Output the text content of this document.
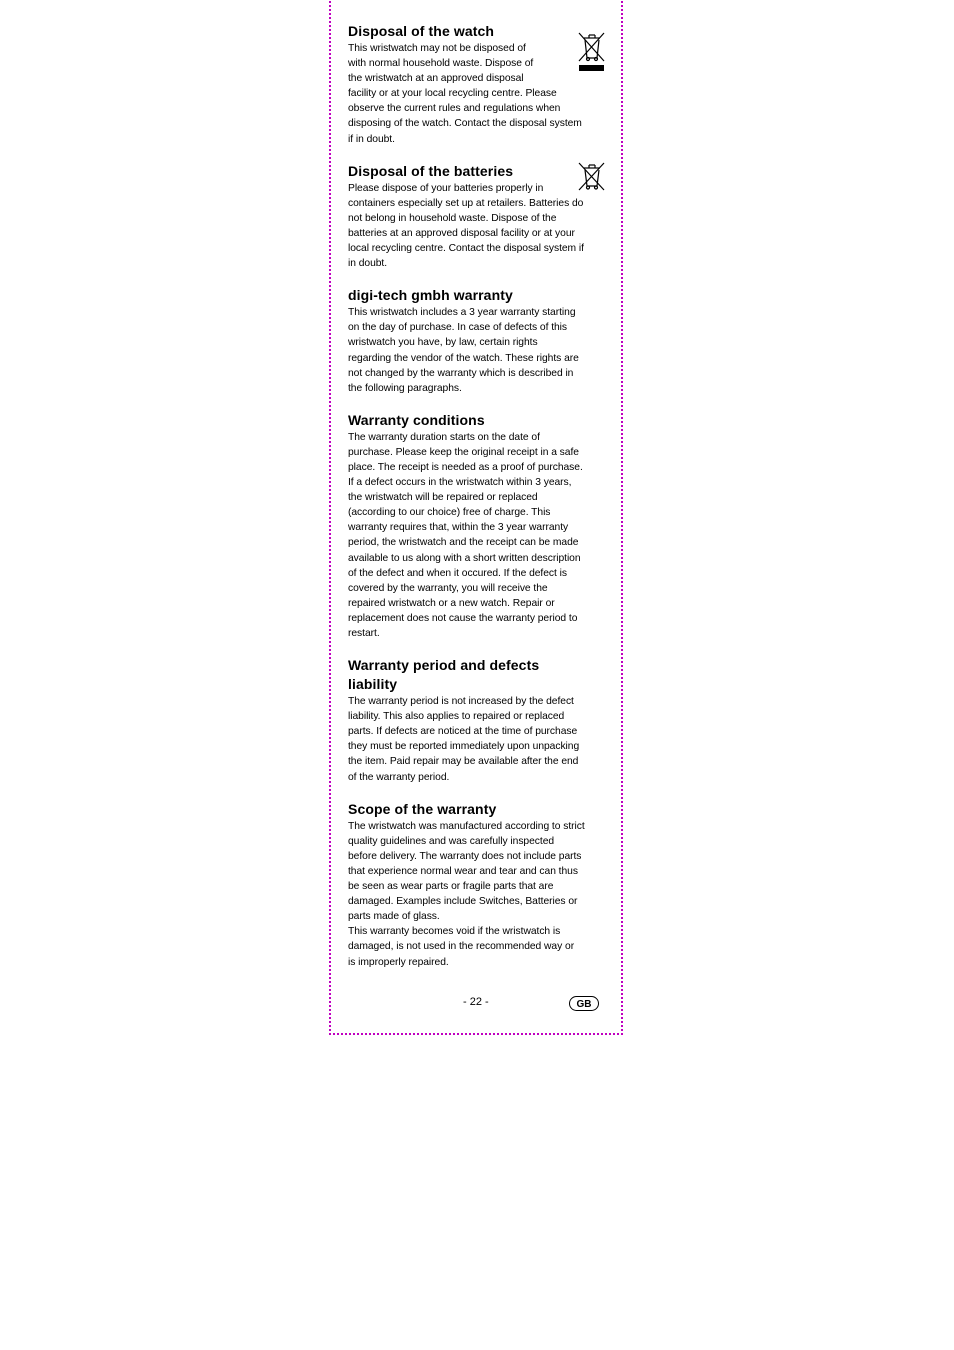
Disposal of the watch

This wristwatch may not be disposed of
with normal household waste. Dispose of
the wristwatch at an approved disposal
facility or at your local recycling centre. Please
observe the current rules and regulations when
disposing of the watch. Contact the disposal system
if in doubt.

Disposal of the batteries

Please dispose of your batteries properly in
containers especially set up at retailers. Batteries do
not belong in household waste. Dispose of the
batteries at an approved disposal facility or at your
local recycling centre. Contact the disposal system if
in doubt.

digi-tech gmbh warranty

This wristwatch includes a 3 year warranty starting
on the day of purchase. In case of defects of this
wristwatch you have, by law, certain rights
regarding the vendor of the watch. These rights are
not changed by the warranty which is described in
the following paragraphs.

Warranty conditions

The warranty duration starts on the date of
purchase. Please keep the original receipt in a safe
place. The receipt is needed as a proof of purchase.
If a defect occurs in the wristwatch within 3 years,
the wristwatch will be repaired or replaced
(according to our choice) free of charge. This
warranty requires that, within the 3 year warranty
period, the wristwatch and the receipt can be made
available to us along with a short written description
of the defect and when it occured. If the defect is
covered by the warranty, you will receive the
repaired wristwatch or a new watch. Repair or
replacement does not cause the warranty period to
restart.

Warranty period and defects
liability

The warranty period is not increased by the defect
liability. This also applies to repaired or replaced
parts. If defects are noticed at the time of purchase
they must be reported immediately upon unpacking
the item. Paid repair may be available after the end
of the warranty period.

Scope of the warranty

The wristwatch was manufactured according to strict
quality guidelines and was carefully inspected
before delivery. The warranty does not include parts
that experience normal wear and tear and can thus
be seen as wear parts or fragile parts that are
damaged. Examples include Switches, Batteries or
parts made of glass.
This warranty becomes void if the wristwatch is
damaged, is not used in the recommended way or
is improperly repaired.

- 22 -	GB
